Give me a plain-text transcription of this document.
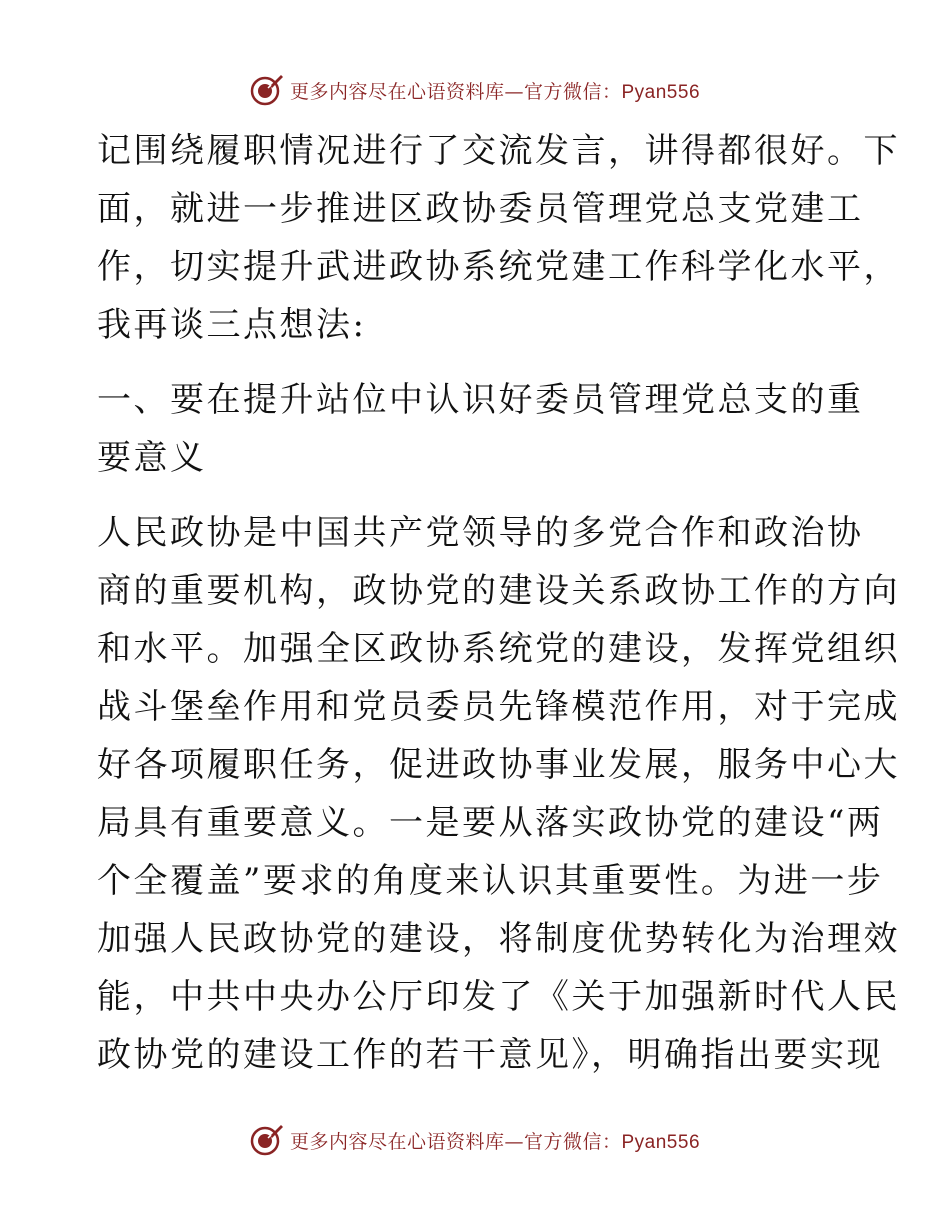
更多内容尽在心语资料库—官方微信：Pyan556
记围绕履职情况进行了交流发言，讲得都很好。下
面，就进一步推进区政协委员管理党总支党建工
作，切实提升武进政协系统党建工作科学化水平，
我再谈三点想法:
一、要在提升站位中认识好委员管理党总支的重
要意义
人民政协是中国共产党领导的多党合作和政治协
商的重要机构，政协党的建设关系政协工作的方向
和水平。加强全区政协系统党的建设，发挥党组织
战斗堡垒作用和党员委员先锋模范作用，对于完成
好各项履职任务，促进政协事业发展，服务中心大
局具有重要意义。一是要从落实政协党的建设“两
个全覆盖”要求的角度来认识其重要性。为进一步
加强人民政协党的建设，将制度优势转化为治理效
能，中共中央办公厅印发了《关于加强新时代人民
政协党的建设工作的若干意见》，明确指出要实现
更多内容尽在心语资料库—官方微信：Pyan556
